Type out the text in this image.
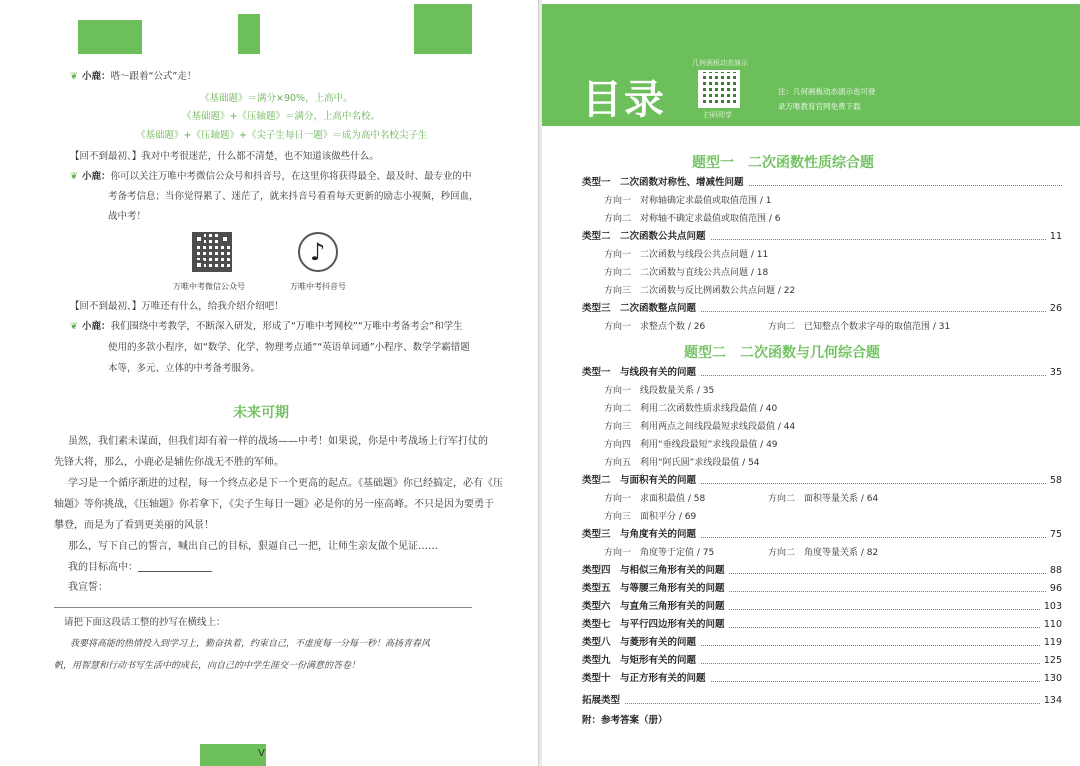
❦ 小鹿：嗒～跟着“公式”走！
《基础题》＝满分×90%，上高中。
《基础题》+《压轴题》＝满分，上高中名校。
《基础题》+《压轴题》+《尖子生每日一题》＝成为高中名校尖子生
【回不到最初、】我对中考很迷茫，什么都不清楚，也不知道该做些什么。
❦ 小鹿：你可以关注万唯中考微信公众号和抖音号，在这里你将获得最全、最及时、最专业的中
考备考信息；当你觉得累了、迷茫了，就来抖音号看看每天更新的励志小视频，秒回血，
战中考！
♪
万唯中考微信公众号	万唯中考抖音号
【回不到最初、】万唯还有什么，给我介绍介绍吧！
❦ 小鹿：我们围绕中考教学，不断深入研发，形成了“万唯中考网校”“万唯中考备考会”和学生
使用的多款小程序，如“数学、化学、物理考点通”“英语单词通”小程序、数学学霸错题
本等，多元、立体的中考备考服务。
未来可期
虽然，我们素未谋面，但我们却有着一样的战场——中考！如果说，你是中考战场上行军打仗的
先锋大将，那么，小鹿必是辅佐你战无不胜的军师。
学习是一个循序渐进的过程，每一个终点必是下一个更高的起点。《基础题》你已经搞定，必有《压
轴题》等你挑战，《压轴题》你若拿下，《尖子生每日一题》必是你的另一座高峰。不只是因为要勇于
攀登，而是为了看到更美丽的风景！
那么，写下自己的誓言，喊出自己的目标，狠逼自己一把，让师生亲友做个见证……
我的目标高中：
我宣誓：
请把下面这段话工整的抄写在横线上：
我要将高能的热情投入到学习上，勤奋执着，约束自己，不虚度每一分每一秒！高扬青春风
帆，用智慧和行动书写生活中的成长，向自己的中学生涯交一份满意的答卷！
V
目录
几何画板动态演示
扫码即享
注：几何画板动态演示也可登
录万唯教育官网免费下载
题型一　二次函数性质综合题
类型一　二次函数对称性、增减性问题
方向一　对称轴确定求最值或取值范围 / 1
方向二　对称轴不确定求最值或取值范围 / 6
类型二　二次函数公共点问题	11
方向一　二次函数与线段公共点问题 / 11
方向二　二次函数与直线公共点问题 / 18
方向三　二次函数与反比例函数公共点问题 / 22
类型三　二次函数整点问题	26
方向一　求整点个数 / 26	方向二　已知整点个数求字母的取值范围 / 31
题型二　二次函数与几何综合题
类型一　与线段有关的问题	35
方向一　线段数量关系 / 35
方向二　利用二次函数性质求线段最值 / 40
方向三　利用两点之间线段最短求线段最值 / 44
方向四　利用“垂线段最短”求线段最值 / 49
方向五　利用“阿氏圆”求线段最值 / 54
类型二　与面积有关的问题	58
方向一　求面积最值 / 58	方向二　面积等量关系 / 64
方向三　面积平分 / 69
类型三　与角度有关的问题	75
方向一　角度等于定值 / 75	方向二　角度等量关系 / 82
类型四　与相似三角形有关的问题	88
类型五　与等腰三角形有关的问题	96
类型六　与直角三角形有关的问题	103
类型七　与平行四边形有关的问题	110
类型八　与菱形有关的问题	119
类型九　与矩形有关的问题	125
类型十　与正方形有关的问题	130
拓展类型	134
附：参考答案（册）
